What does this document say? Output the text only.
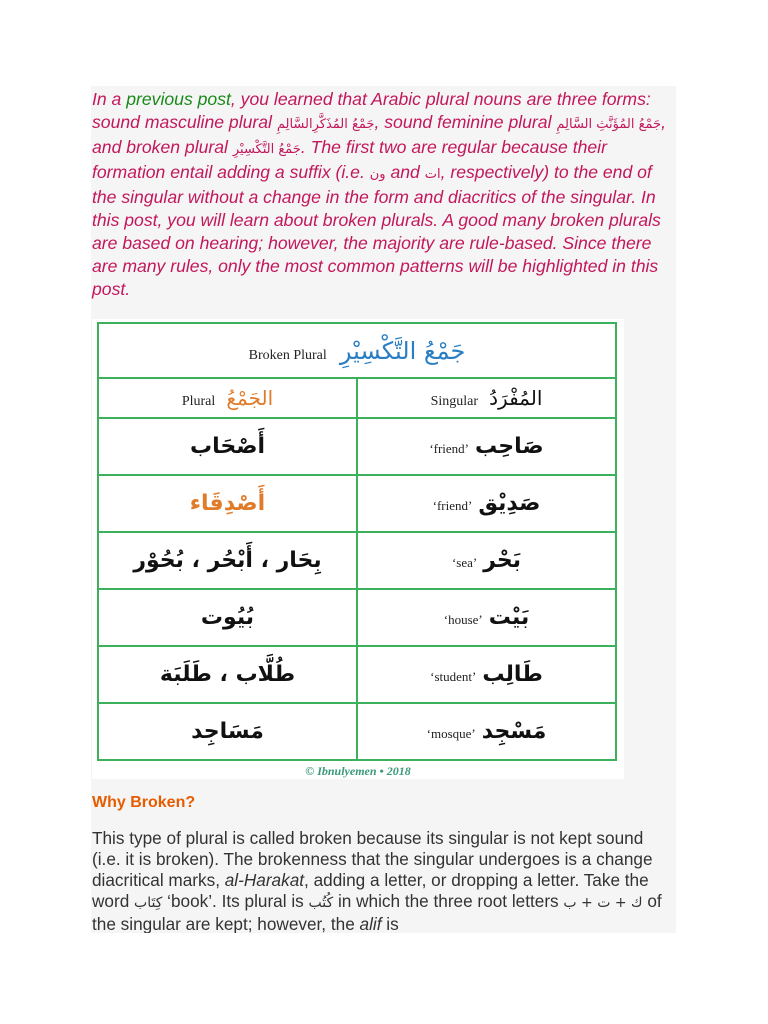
In a previous post, you learned that Arabic plural nouns are three forms: sound masculine plural جَمْعُ المُذَكَّرِالسَّالِمِ, sound feminine plural جَمْعُ المُؤَنَّثِ السَّالِمِ, and broken plural جَمْعُ التَّكْسِيْرِ. The first two are regular because their formation entail adding a suffix (i.e. ون and ات, respectively) to the end of the singular without a change in the form and diacritics of the singular. In this post, you will learn about broken plurals. A good many broken plurals are based on hearing; however, the majority are rule-based. Since there are many rules, only the most common patterns will be highlighted in this post.

Broken Plural جَمْعُ التَّكْسِيْرِ	
Plural الجَمْعُ	Singular المُفْرَدُ
أَصْحَاب	‘friend’ صَاحِب
أَصْدِقَاء	‘friend’ صَدِيْق
بِحَار ، أَبْحُر ، بُحُوْر	‘sea’ بَحْر
بُيُوت	‘house’ بَيْت
طُلَّاب ، طَلَبَة	‘student’ طَالِب
مَسَاجِد	‘mosque’ مَسْجِد
© Ibnulyemen • 2018
Why Broken?

This type of plural is called broken because its singular is not kept sound (i.e. it is broken). The brokenness that the singular undergoes is a change diacritical marks, al-Harakat, adding a letter, or dropping a letter. Take the word كِتَاب ‘book’. Its plural is كُتُب in which the three root letters ك + ت + ب of the singular are kept; however, the alif is
